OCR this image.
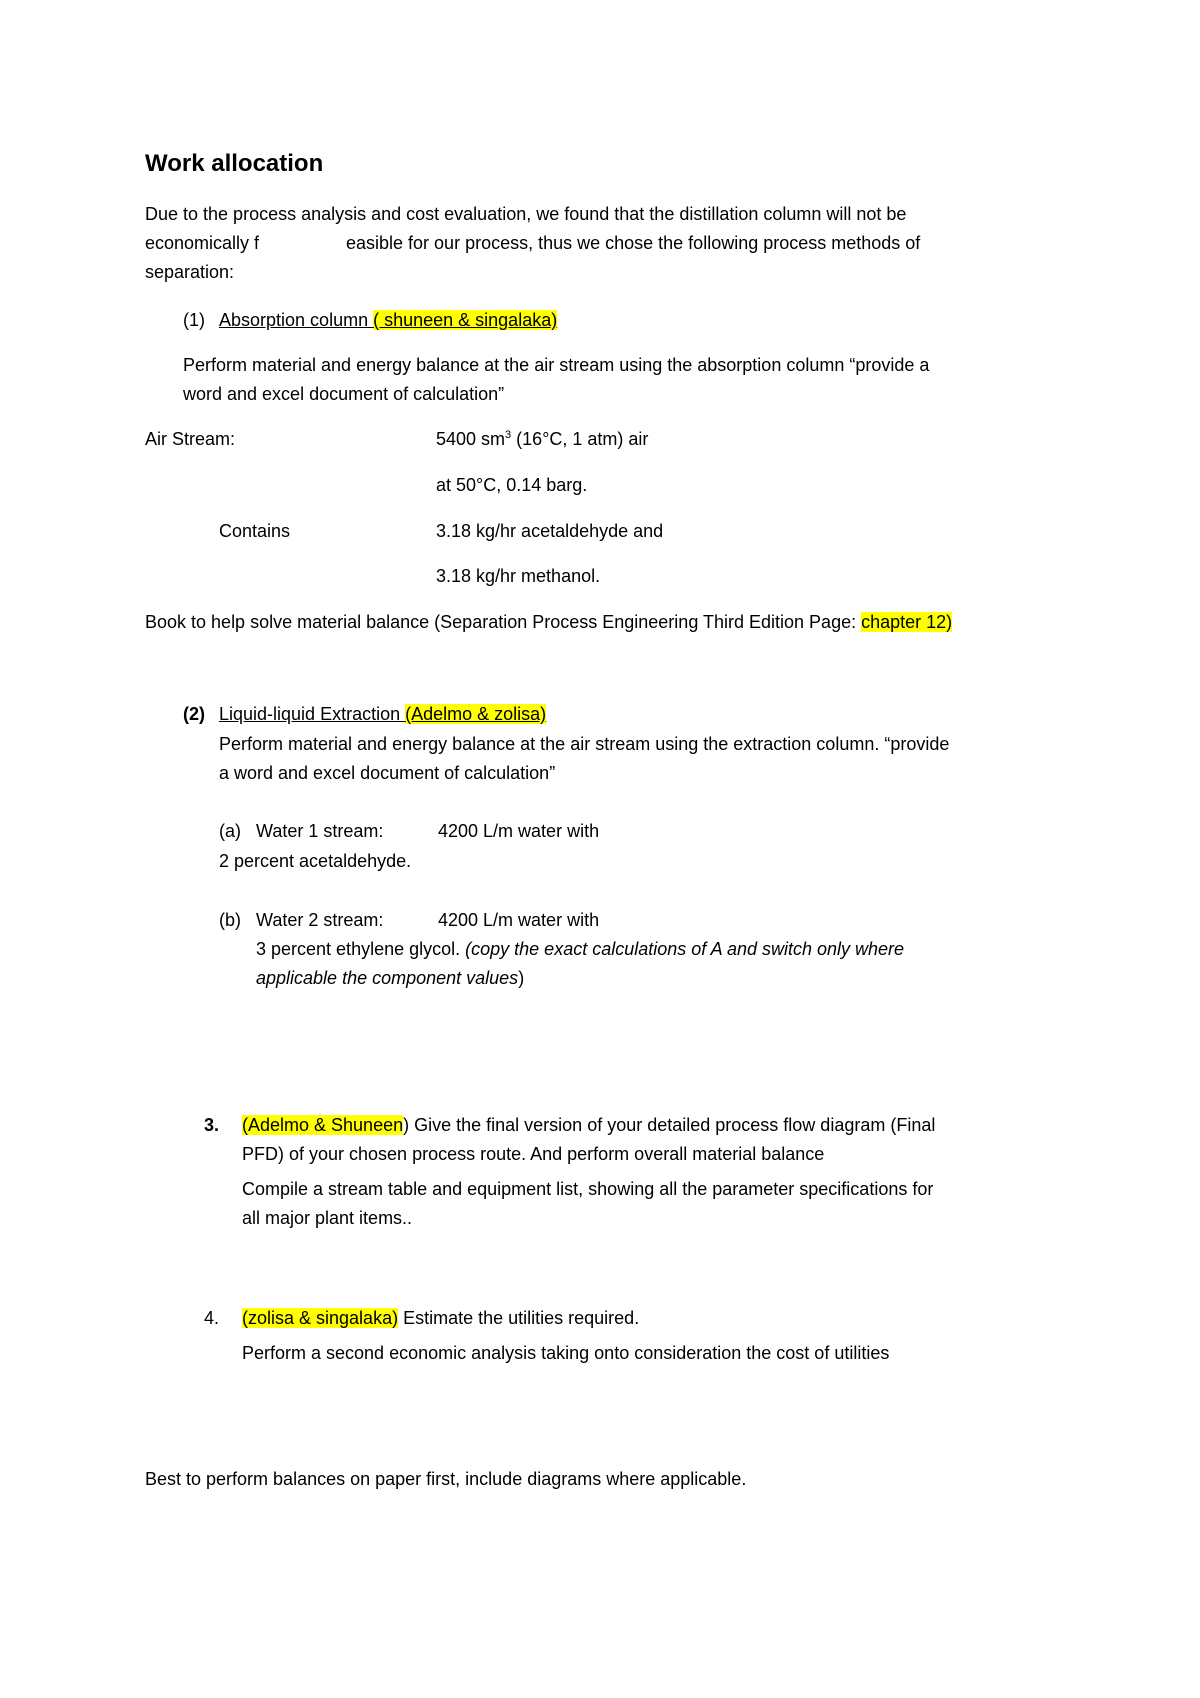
Work allocation
Due to the process analysis and cost evaluation, we found that the distillation column will not be
economically f	easible for our process, thus we chose the following process methods of
separation:
(1) Absorption column ( shuneen & singalaka)
Perform material and energy balance at the air stream using the absorption column “provide a
word and excel document of calculation”
Air Stream:	5400 $sm^3$ (16°C, 1 atm) air
at 50°C, 0.14 barg.
Contains	3.18 kg/hr acetaldehyde and
3.18 kg/hr methanol.
Book to help solve material balance (Separation Process Engineering Third Edition Page: chapter 12)
(2) Liquid-liquid Extraction (Adelmo & zolisa)
Perform material and energy balance at the air stream using the extraction column. “provide
a word and excel document of calculation”
(a) Water 1 stream:	4200 L/m water with
2 percent acetaldehyde.
(b) Water 2 stream:	4200 L/m water with
3 percent ethylene glycol. (copy the exact calculations of A and switch only where
applicable the component values)
3. (Adelmo & Shuneen) Give the final version of your detailed process flow diagram (Final
PFD) of your chosen process route. And perform overall material balance
Compile a stream table and equipment list, showing all the parameter specifications for
all major plant items..
4. (zolisa & singalaka) Estimate the utilities required.
Perform a second economic analysis taking onto consideration the cost of utilities
Best to perform balances on paper first, include diagrams where applicable.
